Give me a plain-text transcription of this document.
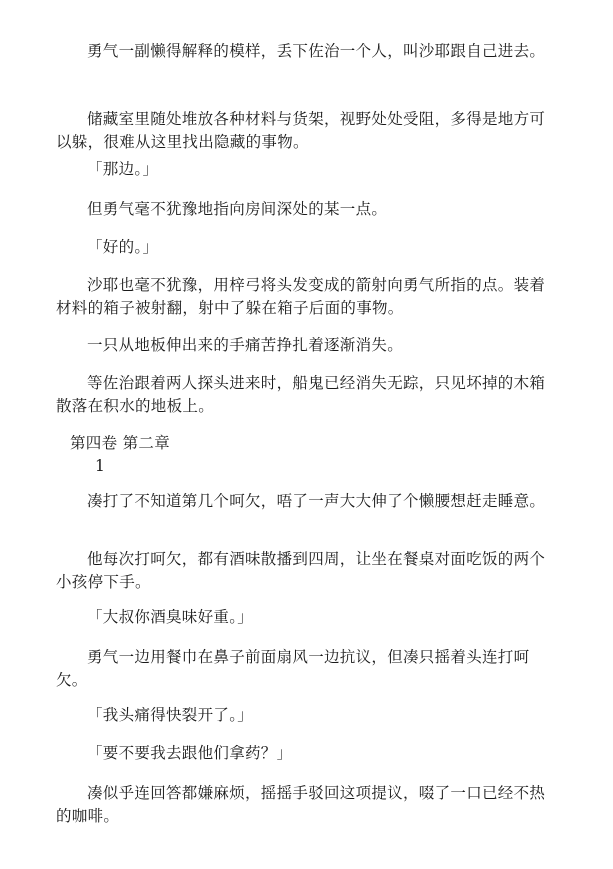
勇气一副懒得解释的模样，丢下佐治一个人，叫沙耶跟自己进去。

储藏室里随处堆放各种材料与货架，视野处处受阻，多得是地方可以躲，很难从这里找出隐藏的事物。

「那边。」

但勇气毫不犹豫地指向房间深处的某一点。

「好的。」

沙耶也毫不犹豫，用梓弓将头发变成的箭射向勇气所指的点。装着材料的箱子被射翻，射中了躲在箱子后面的事物。

一只从地板伸出来的手痛苦挣扎着逐渐消失。

等佐治跟着两人探头进来时，船鬼已经消失无踪，只见坏掉的木箱散落在积水的地板上。

第四卷 第二章
1

凑打了不知道第几个呵欠，唔了一声大大伸了个懒腰想赶走睡意。

他每次打呵欠，都有酒味散播到四周，让坐在餐桌对面吃饭的两个小孩停下手。

「大叔你酒臭味好重。」

勇气一边用餐巾在鼻子前面扇风一边抗议，但凑只摇着头连打呵欠。

「我头痛得快裂开了。」

「要不要我去跟他们拿药？」

凑似乎连回答都嫌麻烦，摇摇手驳回这项提议，啜了一口已经不热的咖啡。
